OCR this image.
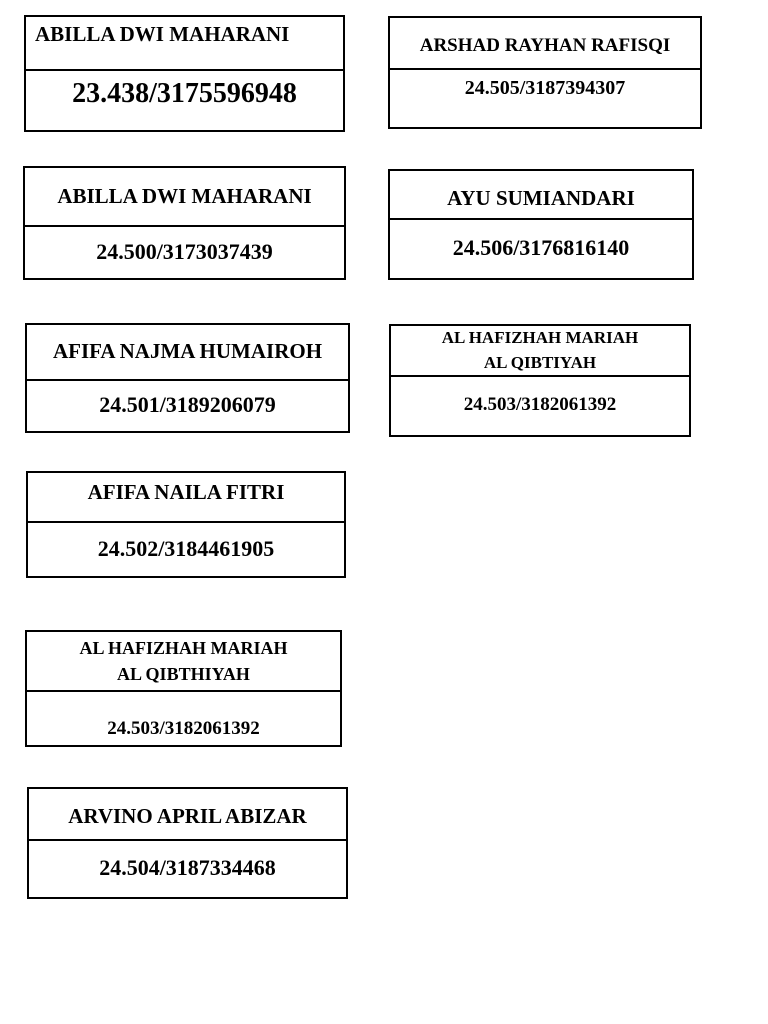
ABILLA DWI MAHARANI
23.438/3175596948
ARSHAD RAYHAN RAFISQI
24.505/3187394307
ABILLA DWI MAHARANI
24.500/3173037439
AYU SUMIANDARI
24.506/3176816140
AFIFA NAJMA HUMAIROH
24.501/3189206079
AL HAFIZHAH MARIAH
AL QIBTIYAH
24.503/3182061392
AFIFA NAILA FITRI
24.502/3184461905
AL HAFIZHAH MARIAH
AL QIBTHIYAH
24.503/3182061392
ARVINO APRIL ABIZAR
24.504/3187334468
